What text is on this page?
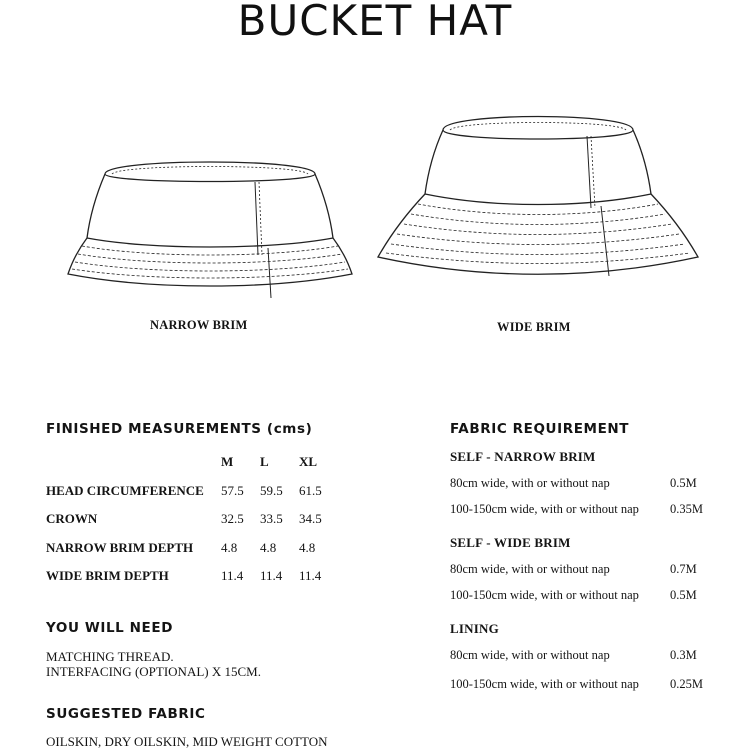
BUCKET HAT
NARROW BRIM	WIDE BRIM
FINISHED MEASUREMENTS (cms)
	M	L	XL
HEAD CIRCUMFERENCE	57.5	59.5	61.5
CROWN	32.5	33.5	34.5
NARROW BRIM DEPTH	4.8	4.8	4.8
WIDE BRIM DEPTH	11.4	11.4	11.4
YOU WILL NEED
MATCHING THREAD.
INTERFACING (OPTIONAL) X 15CM.
SUGGESTED FABRIC
OILSKIN, DRY OILSKIN, MID WEIGHT COTTON
FABRIC REQUIREMENT
SELF - NARROW BRIM
80cm wide, with or without nap	0.5M
100-150cm wide, with or without nap 0.35M
SELF - WIDE BRIM
80cm wide, with or without nap	0.7M
100-150cm wide, with or without nap 0.5M
LINING
80cm wide, with or without nap	0.3M
100-150cm wide, with or without nap 0.25M
